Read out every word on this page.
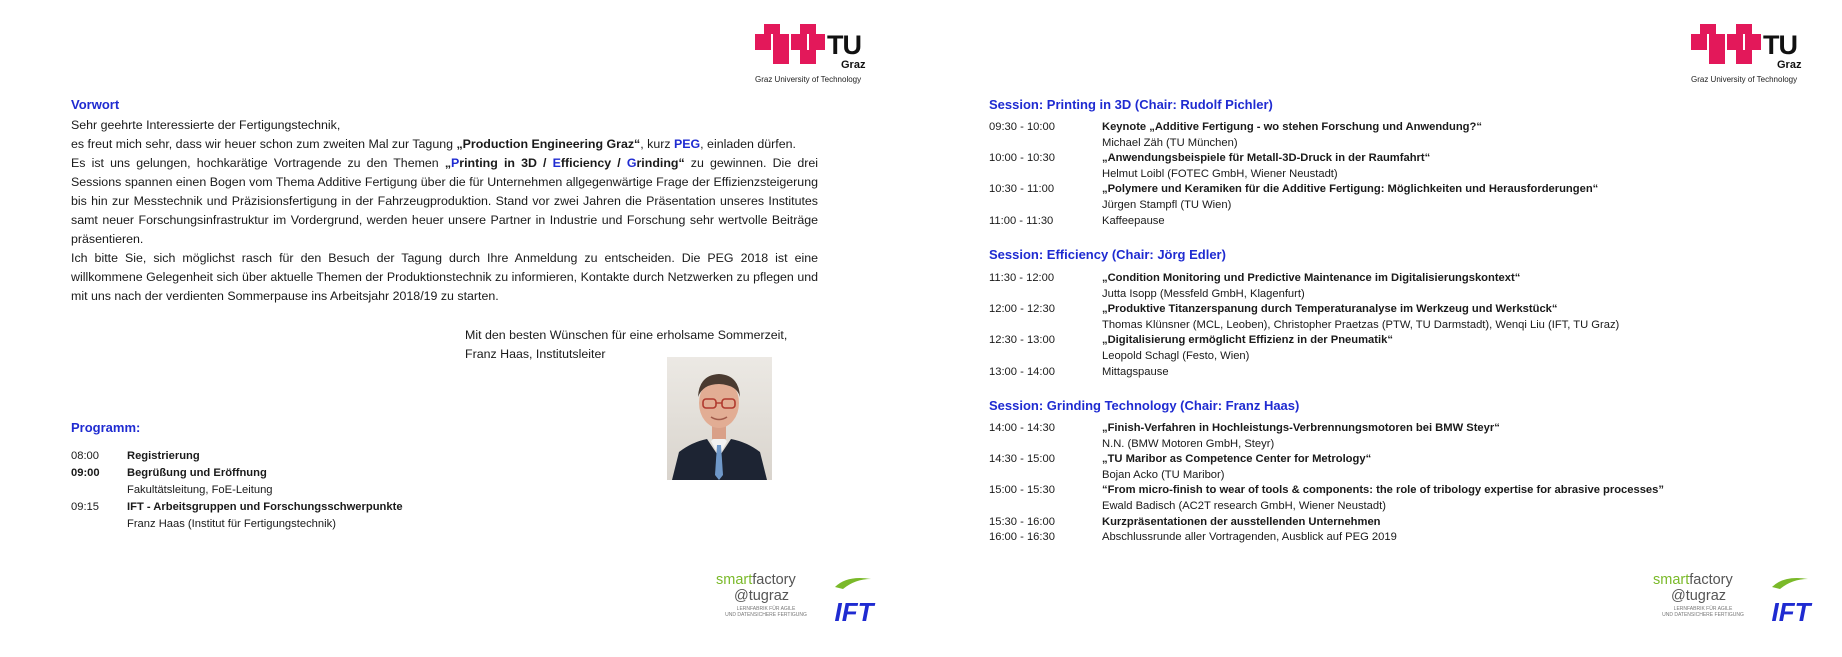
TU
Graz
Graz University of Technology
Vorwort

Sehr geehrte Interessierte der Fertigungstechnik,

es freut mich sehr, dass wir heuer schon zum zweiten Mal zur Tagung „Production Engineering Graz“, kurz PEG, einladen dürfen.

Es ist uns gelungen, hochkarätige Vortragende zu den Themen „Printing in 3D / Efficiency / Grinding“ zu gewinnen. Die drei Sessions spannen einen Bogen vom Thema Additive Fertigung über die für Unternehmen allgegenwärtige Frage der Effizienzsteigerung bis hin zur Messtechnik und Präzisionsfertigung in der Fahrzeugproduktion. Stand vor zwei Jahren die Präsentation unseres Institutes samt neuer Forschungsinfrastruktur im Vordergrund, werden heuer unsere Partner in Industrie und Forschung sehr wertvolle Beiträge präsentieren.

Ich bitte Sie, sich möglichst rasch für den Besuch der Tagung durch Ihre Anmeldung zu entscheiden. Die PEG 2018 ist eine willkommene Gelegenheit sich über aktuelle Themen der Produktionstechnik zu informieren, Kontakte durch Netzwerken zu pflegen und mit uns nach der verdienten Sommerpause ins Arbeitsjahr 2018/19 zu starten.

Mit den besten Wünschen für eine erholsame Sommerzeit,
Franz Haas, Institutsleiter
Programm:
08:00	Registrierung
09:00	Begrüßung und Eröffnung
Fakultätsleitung, FoE-Leitung
09:15	IFT - Arbeitsgruppen und Forschungsschwerpunkte
Franz Haas (Institut für Fertigungstechnik)
smartfactory
@tugraz
LERNFABRIK FÜR AGILE
UND DATENSICHERE FERTIGUNG	IFT
TU
Graz
Graz University of Technology
Session: Printing in 3D (Chair: Rudolf Pichler)
09:30 - 10:00	Keynote „Additive Fertigung - wo stehen Forschung und Anwendung?“
Michael Zäh (TU München)
10:00 - 10:30	„Anwendungsbeispiele für Metall-3D-Druck in der Raumfahrt“
Helmut Loibl (FOTEC GmbH, Wiener Neustadt)
10:30 - 11:00	„Polymere und Keramiken für die Additive Fertigung: Möglichkeiten und Herausforderungen“
Jürgen Stampfl (TU Wien)
11:00 - 11:30	Kaffeepause
Session: Efficiency (Chair: Jörg Edler)
11:30 - 12:00	„Condition Monitoring und Predictive Maintenance im Digitalisierungskontext“
Jutta Isopp (Messfeld GmbH, Klagenfurt)
12:00 - 12:30	„Produktive Titanzerspanung durch Temperaturanalyse im Werkzeug und Werkstück“
Thomas Klünsner (MCL, Leoben), Christopher Praetzas (PTW, TU Darmstadt), Wenqi Liu (IFT, TU Graz)
12:30 - 13:00	„Digitalisierung ermöglicht Effizienz in der Pneumatik“
Leopold Schagl (Festo, Wien)
13:00 - 14:00	Mittagspause
Session: Grinding Technology (Chair: Franz Haas)
14:00 - 14:30	„Finish-Verfahren in Hochleistungs-Verbrennungsmotoren bei BMW Steyr“
N.N. (BMW Motoren GmbH, Steyr)
14:30 - 15:00	„TU Maribor as Competence Center for Metrology“
Bojan Acko (TU Maribor)
15:00 - 15:30	“From micro-finish to wear of tools & components: the role of tribology expertise for abrasive processes”
Ewald Badisch (AC2T research GmbH, Wiener Neustadt)
15:30 - 16:00	Kurzpräsentationen der ausstellenden Unternehmen
16:00 - 16:30	Abschlussrunde aller Vortragenden, Ausblick auf PEG 2019
smartfactory
@tugraz
LERNFABRIK FÜR AGILE
UND DATENSICHERE FERTIGUNG	IFT
